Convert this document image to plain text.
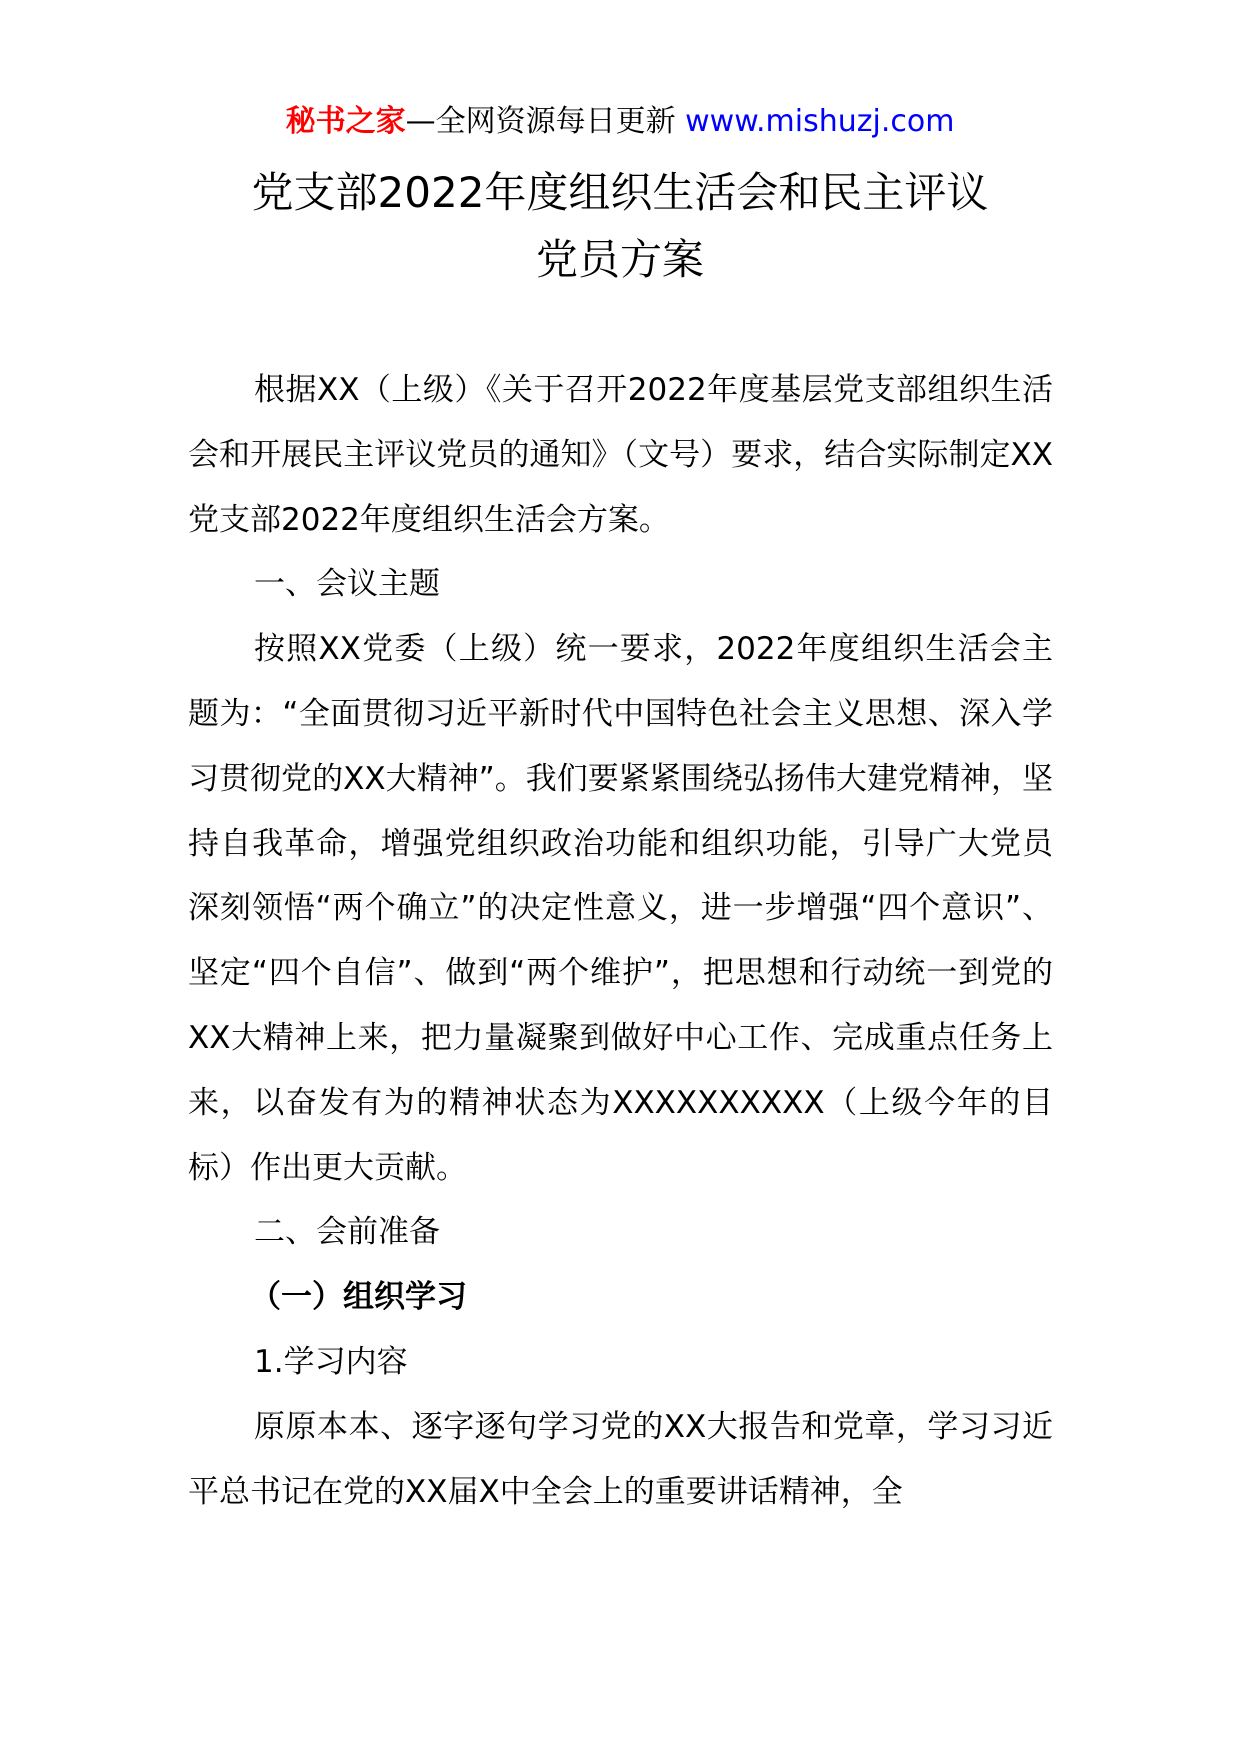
秘书之家—全网资源每日更新 www.mishuzj.com
党支部2022年度组织生活会和民主评议
党员方案

根据XX（上级）《关于召开2022年度基层党支部组织生活会和开展民主评议党员的通知》（文号）要求，结合实际制定XX党支部2022年度组织生活会方案。

一、会议主题

按照XX党委（上级）统一要求，2022年度组织生活会主题为：“全面贯彻习近平新时代中国特色社会主义思想、深入学习贯彻党的XX大精神”。我们要紧紧围绕弘扬伟大建党精神，坚持自我革命，增强党组织政治功能和组织功能，引导广大党员深刻领悟“两个确立”的决定性意义，进一步增强“四个意识”、坚定“四个自信”、做到“两个维护”，把思想和行动统一到党的XX大精神上来，把力量凝聚到做好中心工作、完成重点任务上来，以奋发有为的精神状态为XXXXXXXXXX（上级今年的目标）作出更大贡献。

二、会前准备

（一）组织学习

1.学习内容

原原本本、逐字逐句学习党的XX大报告和党章，学习习近平总书记在党的XX届X中全会上的重要讲话精神，全
